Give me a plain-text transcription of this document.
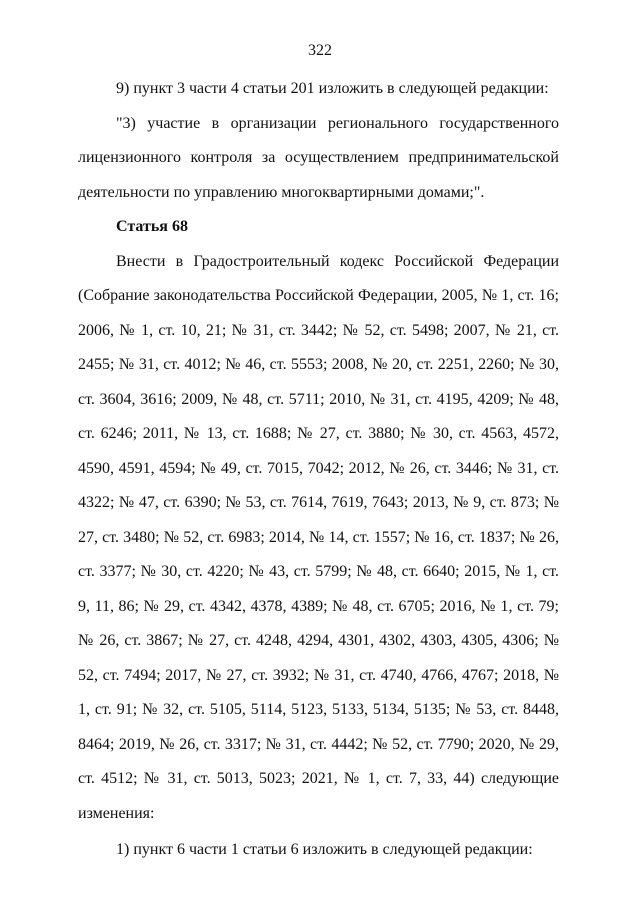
322

9) пункт 3 части 4 статьи 201 изложить в следующей редакции:

"3) участие в организации регионального государственного лицензионного контроля за осуществлением предпринимательской деятельности по управлению многоквартирными домами;".

Статья 68

Внести в Градостроительный кодекс Российской Федерации (Собрание законодательства Российской Федерации, 2005, № 1, ст. 16; 2006, № 1, ст. 10, 21; № 31, ст. 3442; № 52, ст. 5498; 2007, № 21, ст. 2455; № 31, ст. 4012; № 46, ст. 5553; 2008, № 20, ст. 2251, 2260; № 30, ст. 3604, 3616; 2009, № 48, ст. 5711; 2010, № 31, ст. 4195, 4209; № 48, ст. 6246; 2011, № 13, ст. 1688; № 27, ст. 3880; № 30, ст. 4563, 4572, 4590, 4591, 4594; № 49, ст. 7015, 7042; 2012, № 26, ст. 3446; № 31, ст. 4322; № 47, ст. 6390; № 53, ст. 7614, 7619, 7643; 2013, № 9, ст. 873; № 27, ст. 3480; № 52, ст. 6983; 2014, № 14, ст. 1557; № 16, ст. 1837; № 26, ст. 3377; № 30, ст. 4220; № 43, ст. 5799; № 48, ст. 6640; 2015, № 1, ст. 9, 11, 86; № 29, ст. 4342, 4378, 4389; № 48, ст. 6705; 2016, № 1, ст. 79; № 26, ст. 3867; № 27, ст. 4248, 4294, 4301, 4302, 4303, 4305, 4306; № 52, ст. 7494; 2017, № 27, ст. 3932; № 31, ст. 4740, 4766, 4767; 2018, № 1, ст. 91; № 32, ст. 5105, 5114, 5123, 5133, 5134, 5135; № 53, ст. 8448, 8464; 2019, № 26, ст. 3317; № 31, ст. 4442; № 52, ст. 7790; 2020, № 29, ст. 4512; № 31, ст. 5013, 5023; 2021, № 1, ст. 7, 33, 44) следующие изменения:

1) пункт 6 части 1 статьи 6 изложить в следующей редакции:
